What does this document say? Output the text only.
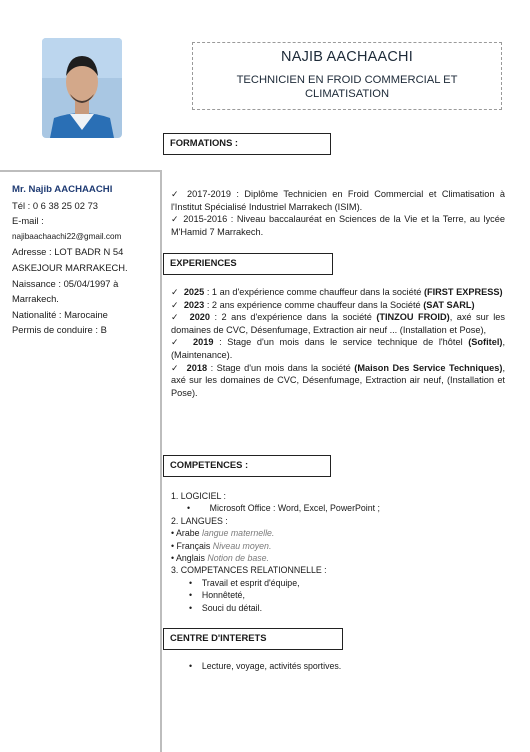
NAJIB AACHAACHI
TECHNICIEN EN FROID COMMERCIAL ET CLIMATISATION
Mr. Najib AACHAACHI
Tél : 0 6 38 25 02 73
E-mail :
najibaachaachi22@gmail.com
Adresse : LOT BADR N 54
ASKEJOUR MARRAKECH.
Naissance : 05/04/1997 à
Marrakech.
Nationalité : Marocaine
Permis de conduire : B
FORMATIONS :

✓ 2017-2019 : Diplôme Technicien en Froid Commercial et Climatisation à l'Institut Spécialisé Industriel Marrakech (ISIM).

✓ 2015-2016 : Niveau baccalauréat en Sciences de la Vie et la Terre, au lycée M'Hamid 7 Marrakech.

EXPERIENCES

✓  2025 : 1 an d'expérience comme chauffeur dans la société (FIRST EXPRESS)

✓  2023 : 2 ans expérience comme chauffeur dans la Société (SAT SARL)

✓  2020 : 2 ans d'expérience dans la société (TINZOU FROID), axé sur les domaines de CVC, Désenfumage, Extraction air neuf ... (Installation et Pose),

✓  2019 : Stage d'un mois dans le service technique de l'hôtel (Sofitel), (Maintenance).

✓  2018 : Stage d'un mois dans la société (Maison Des Service Techniques), axé sur les domaines de CVC, Désenfumage, Extraction air neuf, (Installation et Pose).

COMPETENCES :
1. LOGICIEL :
•        Microsoft Office : Word, Excel, PowerPoint ;
2. LANGUES :
• Arabe langue maternelle.
• Français Niveau moyen.
• Anglais Notion de base.
3. COMPETANCES RELATIONNELLE :
•    Travail et esprit d'équipe,
•    Honnêteté,
•    Souci du détail.
CENTRE D'INTERETS
•    Lecture, voyage, activités sportives.
